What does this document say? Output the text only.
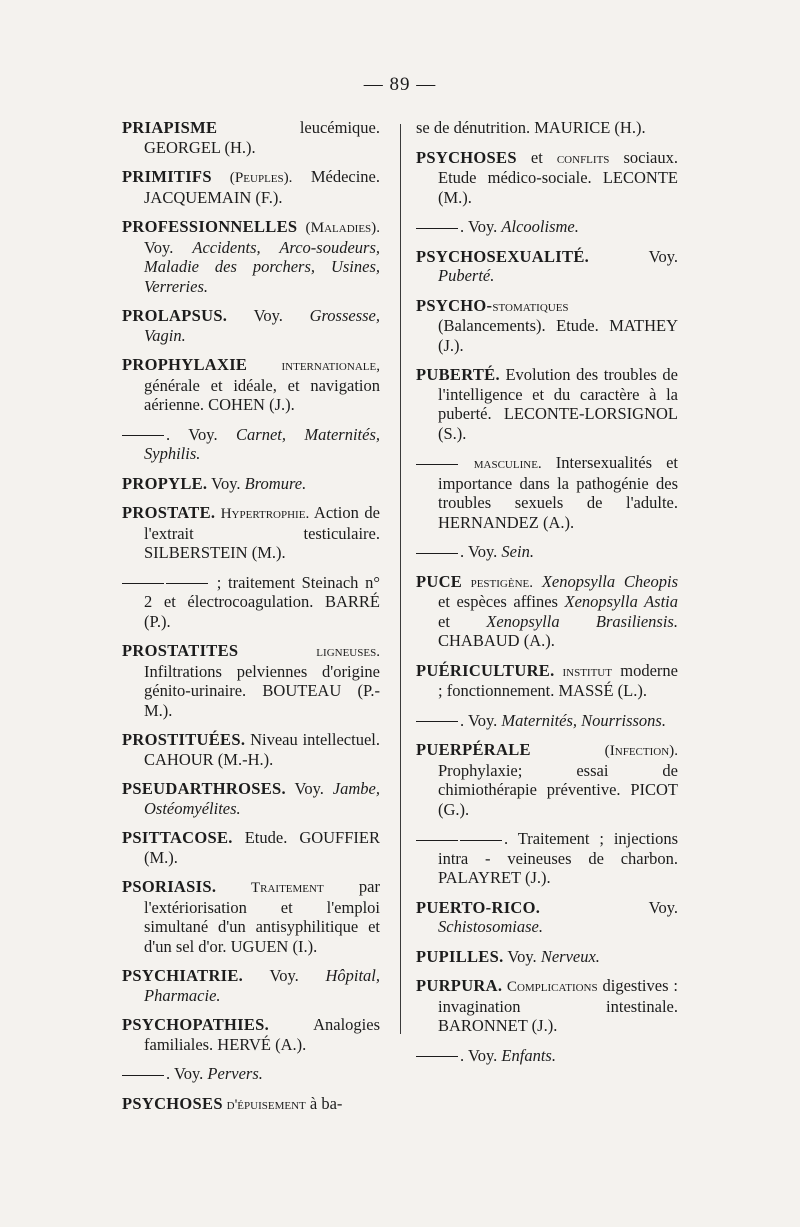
— 89 —

PRIAPISME leucémique. GEORGEL (H.).

PRIMITIFS (Peuples). Médecine. JACQUEMAIN (F.).

PROFESSIONNELLES (Maladies). Voy. Accidents, Arco-soudeurs, Maladie des porchers, Usines, Verreries.

PROLAPSUS. Voy. Grossesse, Vagin.

PROPHYLAXIE internationale, générale et idéale, et navigation aérienne. COHEN (J.).

. Voy. Carnet, Maternités, Syphilis.

PROPYLE. Voy. Bromure.

PROSTATE. Hypertrophie. Action de l'extrait testiculaire. SILBERSTEIN (M.).

; traitement Steinach n° 2 et électrocoagulation. BARRÉ (P.).

PROSTATITES ligneuses. Infiltrations pelviennes d'origine génito-urinaire. BOUTEAU (P.-M.).

PROSTITUÉES. Niveau intellectuel. CAHOUR (M.-H.).

PSEUDARTHROSES. Voy. Jambe, Ostéomyélites.

PSITTACOSE. Etude. GOUFFIER (M.).

PSORIASIS. Traitement par l'extériorisation et l'emploi simultané d'un antisyphilitique et d'un sel d'or. UGUEN (I.).

PSYCHIATRIE. Voy. Hôpital, Pharmacie.

PSYCHOPATHIES. Analogies familiales. HERVÉ (A.).

. Voy. Pervers.

PSYCHOSES d'épuisement à ba-

se de dénutrition. MAURICE (H.).

PSYCHOSES et conflits sociaux. Etude médico-sociale. LECONTE (M.).

. Voy. Alcoolisme.

PSYCHOSEXUALITÉ. Voy. Puberté.

PSYCHO-stomatiques (Balancements). Etude. MATHEY (J.).

PUBERTÉ. Evolution des troubles de l'intelligence et du caractère à la puberté. LECONTE-LORSIGNOL (S.).

masculine. Intersexualités et importance dans la pathogénie des troubles sexuels de l'adulte. HERNANDEZ (A.).

. Voy. Sein.

PUCE pestigène. Xenopsylla Cheopis et espèces affines Xenopsylla Astia et Xenopsylla Brasiliensis. CHABAUD (A.).

PUÉRICULTURE. institut moderne ; fonctionnement. MASSÉ (L.).

. Voy. Maternités, Nourrissons.

PUERPÉRALE (Infection). Prophylaxie; essai de chimiothérapie préventive. PICOT (G.).

. Traitement ; injections intra - veineuses de charbon. PALAYRET (J.).

PUERTO-RICO. Voy. Schistosomiase.

PUPILLES. Voy. Nerveux.

PURPURA. Complications digestives : invagination intestinale. BARONNET (J.).

. Voy. Enfants.
